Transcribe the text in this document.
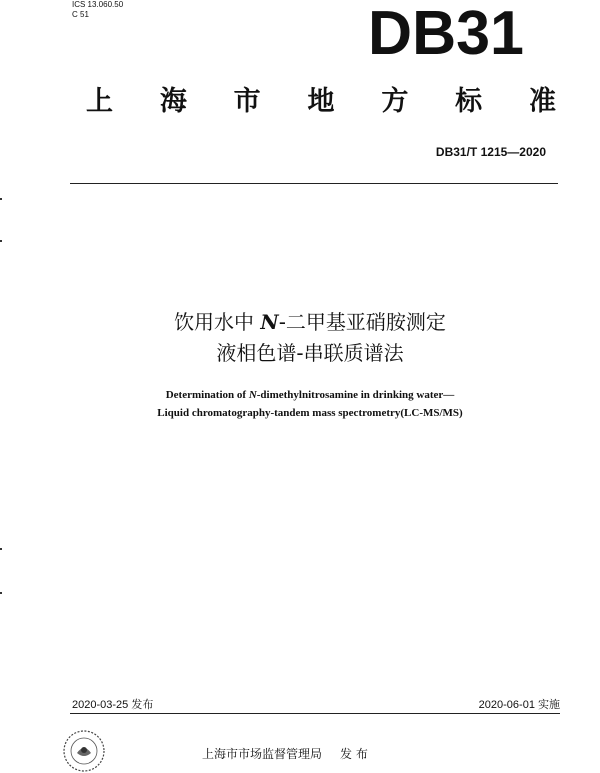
ICS 13.060.50
C 51	DB31
上 海 市 地 方 标 准
DB31/T 1215—2020
饮用水中 N-二甲基亚硝胺测定
液相色谱-串联质谱法
Determination of N-dimethylnitrosamine in drinking water—
Liquid chromatography-tandem mass spectrometry(LC-MS/MS)
2020-03-25 发布	2020-06-01 实施
上海市市场监督管理局 发 布
